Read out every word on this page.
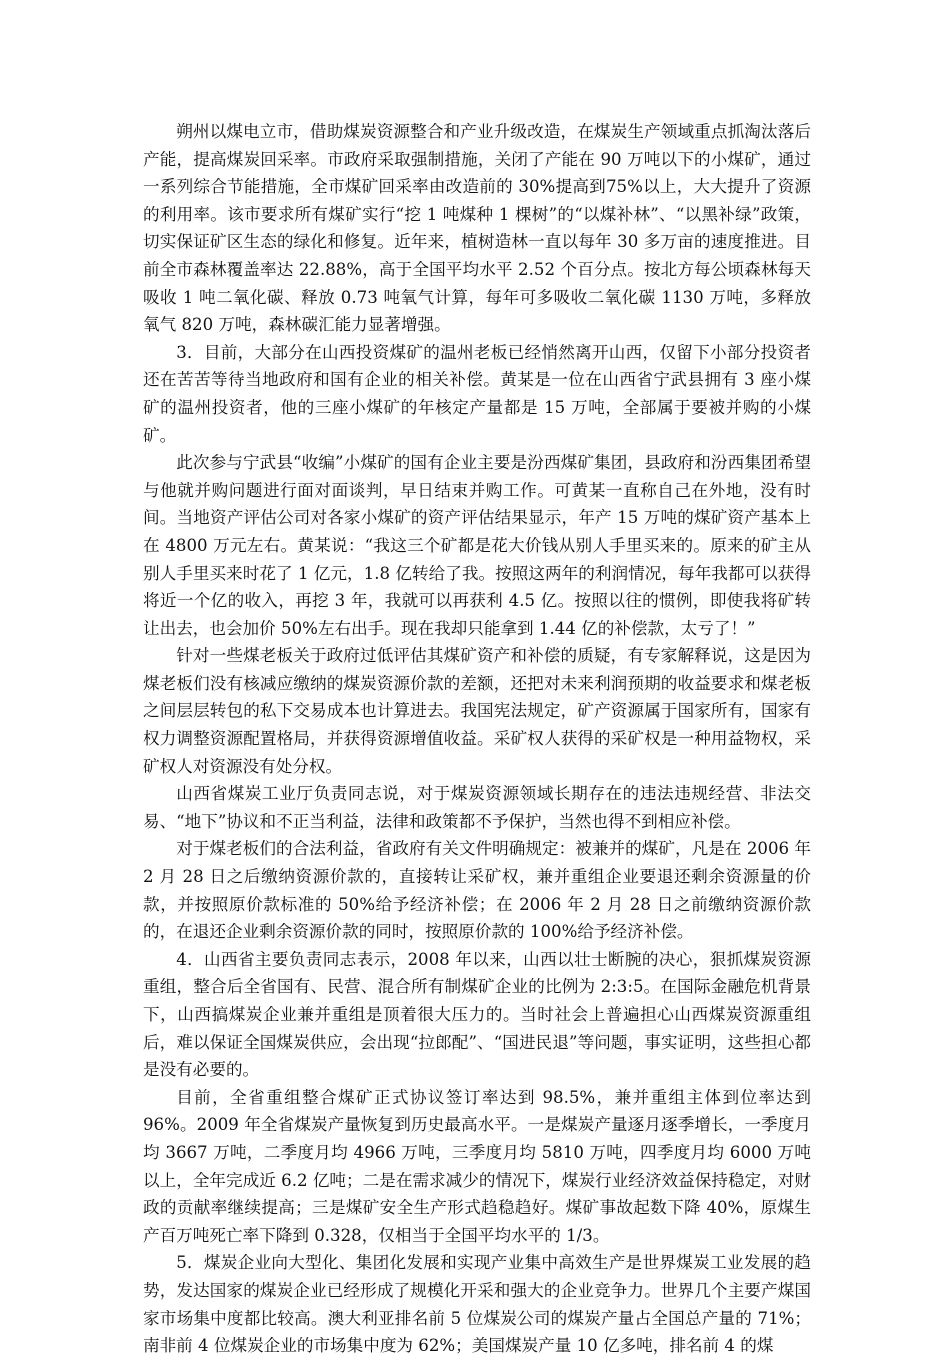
朔州以煤电立市，借助煤炭资源整合和产业升级改造，在煤炭生产领域重点抓淘汰落后产能，提高煤炭回采率。市政府采取强制措施，关闭了产能在 90 万吨以下的小煤矿，通过一系列综合节能措施，全市煤矿回采率由改造前的 30%提高到75%以上，大大提升了资源的利用率。该市要求所有煤矿实行“挖 1 吨煤种 1 棵树”的“以煤补林”、“以黑补绿”政策，切实保证矿区生态的绿化和修复。近年来，植树造林一直以每年 30 多万亩的速度推进。目前全市森林覆盖率达 22.88%，高于全国平均水平 2.52 个百分点。按北方每公顷森林每天吸收 1 吨二氧化碳、释放 0.73 吨氧气计算，每年可多吸收二氧化碳 1130 万吨，多释放氧气 820 万吨，森林碳汇能力显著增强。

3．目前，大部分在山西投资煤矿的温州老板已经悄然离开山西，仅留下小部分投资者还在苦苦等待当地政府和国有企业的相关补偿。黄某是一位在山西省宁武县拥有 3 座小煤矿的温州投资者，他的三座小煤矿的年核定产量都是 15 万吨，全部属于要被并购的小煤矿。

此次参与宁武县“收编”小煤矿的国有企业主要是汾西煤矿集团，县政府和汾西集团希望与他就并购问题进行面对面谈判，早日结束并购工作。可黄某一直称自己在外地，没有时间。当地资产评估公司对各家小煤矿的资产评估结果显示，年产 15 万吨的煤矿资产基本上在 4800 万元左右。黄某说：“我这三个矿都是花大价钱从别人手里买来的。原来的矿主从别人手里买来时花了 1 亿元，1.8 亿转给了我。按照这两年的利润情况，每年我都可以获得将近一个亿的收入，再挖 3 年，我就可以再获利 4.5 亿。按照以往的惯例，即使我将矿转让出去，也会加价 50%左右出手。现在我却只能拿到 1.44 亿的补偿款，太亏了！”

针对一些煤老板关于政府过低评估其煤矿资产和补偿的质疑，有专家解释说，这是因为煤老板们没有核减应缴纳的煤炭资源价款的差额，还把对未来利润预期的收益要求和煤老板之间层层转包的私下交易成本也计算进去。我国宪法规定，矿产资源属于国家所有，国家有权力调整资源配置格局，并获得资源增值收益。采矿权人获得的采矿权是一种用益物权，采矿权人对资源没有处分权。

山西省煤炭工业厅负责同志说，对于煤炭资源领域长期存在的违法违规经营、非法交易、“地下”协议和不正当利益，法律和政策都不予保护，当然也得不到相应补偿。

对于煤老板们的合法利益，省政府有关文件明确规定：被兼并的煤矿，凡是在 2006 年 2 月 28 日之后缴纳资源价款的，直接转让采矿权，兼并重组企业要退还剩余资源量的价款，并按照原价款标准的 50%给予经济补偿；在 2006 年 2 月 28 日之前缴纳资源价款的，在退还企业剩余资源价款的同时，按照原价款的 100%给予经济补偿。

4．山西省主要负责同志表示，2008 年以来，山西以壮士断腕的决心，狠抓煤炭资源重组，整合后全省国有、民营、混合所有制煤矿企业的比例为 2:3:5。在国际金融危机背景下，山西搞煤炭企业兼并重组是顶着很大压力的。当时社会上普遍担心山西煤炭资源重组后，难以保证全国煤炭供应，会出现“拉郎配”、“国进民退”等问题，事实证明，这些担心都是没有必要的。

目前，全省重组整合煤矿正式协议签订率达到 98.5%，兼并重组主体到位率达到 96%。2009 年全省煤炭产量恢复到历史最高水平。一是煤炭产量逐月逐季增长，一季度月均 3667 万吨，二季度月均 4966 万吨，三季度月均 5810 万吨，四季度月均 6000 万吨以上，全年完成近 6.2 亿吨；二是在需求减少的情况下，煤炭行业经济效益保持稳定，对财政的贡献率继续提高；三是煤矿安全生产形式趋稳趋好。煤矿事故起数下降 40%，原煤生产百万吨死亡率下降到 0.328，仅相当于全国平均水平的 1/3。

5．煤炭企业向大型化、集团化发展和实现产业集中高效生产是世界煤炭工业发展的趋势，发达国家的煤炭企业已经形成了规模化开采和强大的企业竞争力。世界几个主要产煤国家市场集中度都比较高。澳大利亚排名前 5 位煤炭公司的煤炭产量占全国总产量的 71%；南非前 4 位煤炭企业的市场集中度为 62%；美国煤炭产量 10 亿多吨，排名前 4 的煤
